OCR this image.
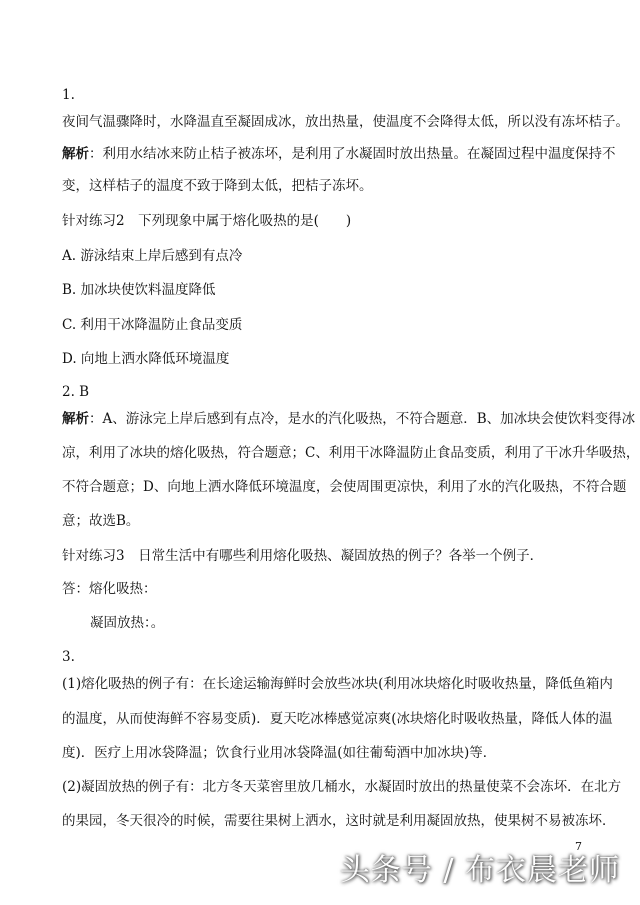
1.
夜间气温骤降时，水降温直至凝固成冰，放出热量，使温度不会降得太低，所以没有冻坏桔子。
解析：利用水结冰来防止桔子被冻坏，是利用了水凝固时放出热量。在凝固过程中温度保持不
变，这样桔子的温度不致于降到太低，把桔子冻坏。
针对练习2　下列现象中属于熔化吸热的是(　　)
A. 游泳结束上岸后感到有点冷
B. 加冰块使饮料温度降低
C. 利用干冰降温防止食品变质
D. 向地上洒水降低环境温度
2. B
解析：A、游泳完上岸后感到有点冷，是水的汽化吸热，不符合题意．B、加冰块会使饮料变得冰
凉，利用了冰块的熔化吸热，符合题意；C、利用干冰降温防止食品变质，利用了干冰升华吸热，
不符合题意；D、向地上洒水降低环境温度，会使周围更凉快，利用了水的汽化吸热，不符合题
意；故选B。
针对练习3　日常生活中有哪些利用熔化吸热、凝固放热的例子？各举一个例子．
答：熔化吸热：
凝固放热：。
3.
(1)熔化吸热的例子有：在长途运输海鲜时会放些冰块(利用冰块熔化时吸收热量，降低鱼箱内
的温度，从而使海鲜不容易变质)．夏天吃冰棒感觉凉爽(冰块熔化时吸收热量，降低人体的温
度)．医疗上用冰袋降温；饮食行业用冰袋降温(如往葡萄酒中加冰块)等．
(2)凝固放热的例子有：北方冬天菜窖里放几桶水，水凝固时放出的热量使菜不会冻坏．在北方
的果园，冬天很冷的时候，需要往果树上洒水，这时就是利用凝固放热，使果树不易被冻坏．
7
头条号 / 布衣晨老师
